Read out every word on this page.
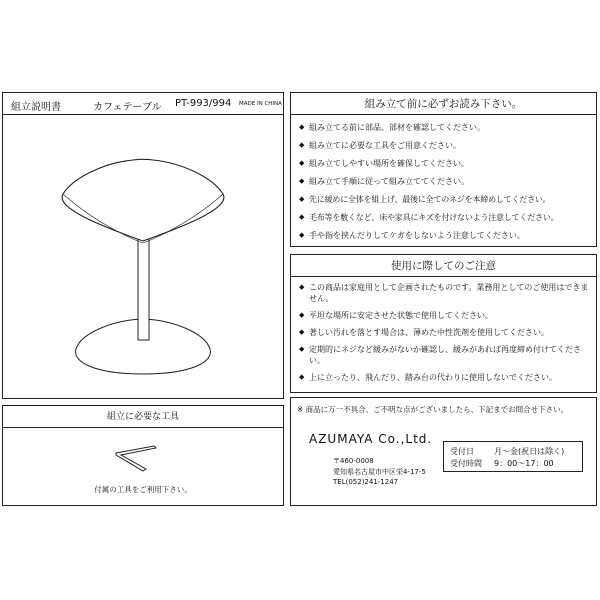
組立説明書	カフェテーブル PT-993/994 MADE IN CHINA
組立に必要な工具
付属の工具をご利用下さい。
組み立て前に必ずお読み下さい。
◆ 組み立てる前に部品、部材を確認してください。
◆ 組み立てに必要な工具をご用意ください。
◆ 組み立てしやすい場所を確保してください。
◆ 組み立て手順に従って組み立ててください。
◆ 先に緩めに全体を組上げ、最後に全てのネジを本締めしてください。
◆ 毛布等を敷くなど、床や家具にキズを付けないよう注意してください。
◆ 手や指を挟んだりしてケガをしないよう注意してください。
使用に際してのご注意
◆ この商品は家庭用として企画されたものです。業務用としてのご使用はできません。
◆ 平坦な場所に安定させた状態で使用してください。
◆ 著しい汚れを落とす場合は、薄めた中性洗剤を使用してください。
◆ 定期的にネジなど緩みがないか確認し、緩みがあれば再度締め付けてください。
◆ 上に立ったり、飛んだり、踏み台の代わりに使用しないでください。
※ 商品に万一不具合、ご不明な点がございましたら、下記までお問合せ下さい。
AZUMAYA Co.,Ltd.
〒460-0008
愛知県名古屋市中区栄4-17-5
TEL(052)241-1247
受付日	月～金(祝日は除く)
受付時間 9：00～17：00
